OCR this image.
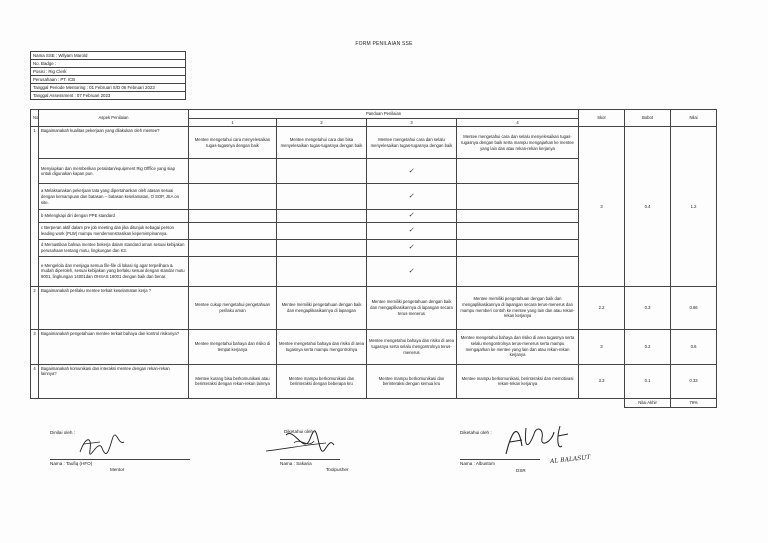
FORM PENILAIAN SSE
Nama SSE : Wilyam Marold
No. Badge :
Posisi : Rig Clerk
Perusahaan : PT. ICB
Tanggal Periode Mentoring : 01 Februari S/D 06 Februari 2023
Tanggal Assessment : 07 Februari 2023
No	Aspek Penilaian	Panduan Penilaian				Skor	Bobot	Nilai
		1	2	3	4			
1	Bagaimanakah kualitas pekerjaan yang dilakukan oleh mentee?	Mentee mengetahui cara menyelesaikan tugas-tugasnya dengan baik	Mentee mengetahui cara dan bisa menyelesaikan tugas-tugasnya dengan baik	Mentee mengetahui cara dan selalu menyelesaikan tugas-tugasnya dengan baik	Mentee mengetahui cara dan selalu menyelesaikan tugas-tugasnya dengan baik serta mampu mengajarkan ke mentee yang lain dan atau rekan-rekan kerjanya	3	0.4	1.2
	Menyiapkan dan memberikan peralatan/equipment Rig Offfice yang siap untuk digunakan kapan pun.			✓				

	a Melaksanakan pekerjaan tata yang dipertahankan oleh atasan sesuai dengan kemampuan dan batasan -- batasan keselamatan, O SOP, JSA on site.			✓				

	b Melengkapi diri dengan PPE standard			✓				

	c Berperan aktif dalam pre job meeting dan jika ditunjuk sebagai person leading work (PLW) mampu mendemonstrasikan kepemimpinannya.			✓				

	d Memastikan bahwa mentee bekerja dalam standard aman sesuai kebijakan perusahaan tentang mutu, lingkungan dan K3.			✓				

	e Mengelola dan menjaga semua file-file di lokasi rig agar terpelihara & mudah diperoleh, sesuai kebijakan yang berlaku sesuai dengan standar mutu 9001, lingkungan 14001dan OHSAS 18001 dengan baik dan benar.			✓				

2	Bagaimanakah perilaku mentee terkait keselamatan kerja ?	Mentee cukup mengetahui pengetahuan perilaku aman	Mentee memiliki pengetahuan dengan baik dan mengaplikasikannya di lapangan	Mentee memiliki pengetahuan dengan baik dan mengaplikasikannya di lapangan secara terus-menerus	Mentee memiliki pengetahuan dengan baik dan mengaplikasikannya di lapangan secara terus-menerus dan mampu memberi contoh ke mentee yang lain dan atau rekan-rekan kerjanya	2.2	0.3	0.66
3	Bagaimanakah pengetahuan mentee terkait bahaya dan kontrol risikonya?	Mentee mengetahui bahaya dan risiko di tempat kerjanya	Mentee mengetahui bahaya dan risiko di area tugasnya serta mampu mengontrolnya	Mentee mengetahui bahaya dan risiko di area tugasnya serta selalu mengontrolnya terus-menerus	Mentee mengetahui bahaya dan risiko di area tugasnya serta selalu mengontrolnya terus-menerus serta mampu mengajarkan ke mentee yang lain dan atau rekan-rekan kerjanya	3	0.2	0.6
4	Bagaimanakah komunikasi dan interaksi mentee dengan rekan-rekan lainnya?	Mentee kurang bisa berkomunikasi atau berinteraksi dengan rekan-rekan lainnya	Mentee mampu berkomunikasi dan berinteraksi dengan beberapa kru	Mentee mampu berkomunikasi dan berinteraksi dengan semua kru	Mentee mampu berkomunikasi, berinteraksi dan memotivasi rekan-rekan kerjanya	3.3	0.1	0.33
							Nilai Akhir	79%
Dinilai oleh :
Nama : Taufiq (HFO)
Mentor
Diketahui oleh :
Nama : Sakaria
Toolpusher
Diketahui oleh :
AL BALASUT
Nama : Albustom
DSR
